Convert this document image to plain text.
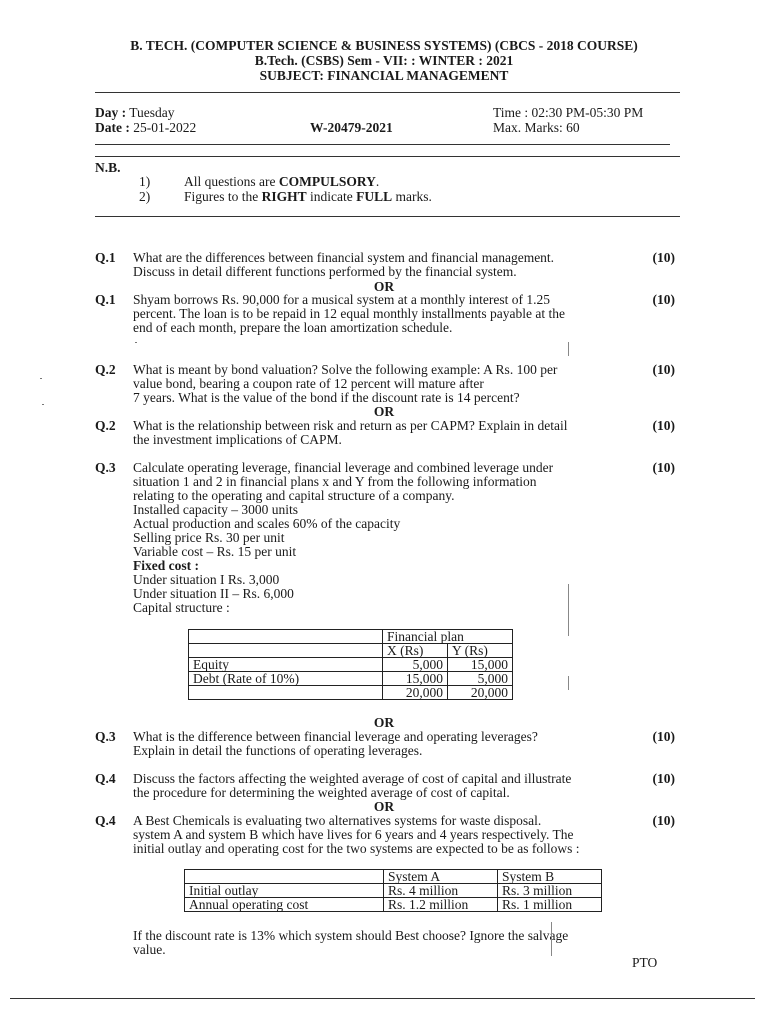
B. TECH. (COMPUTER SCIENCE & BUSINESS SYSTEMS) (CBCS - 2018 COURSE)
B.Tech. (CSBS) Sem - VII: : WINTER : 2021
SUBJECT: FINANCIAL MANAGEMENT
Day : Tuesday
Date : 25-01-2022	W-20479-2021
Time : 02:30 PM-05:30 PM
Max. Marks: 60
N.B.
1)	All questions are COMPULSORY.
2)	Figures to the RIGHT indicate FULL marks.
Q.1 What are the differences between financial system and financial management.
Discuss in detail different functions performed by the financial system.
(10)
OR
Q.1 Shyam borrows Rs. 90,000 for a musical system at a monthly interest of 1.25
percent. The loan is to be repaid in 12 equal monthly installments payable at the
end of each month, prepare the loan amortization schedule.
(10)
Q.2 What is meant by bond valuation? Solve the following example: A Rs. 100 per
value bond, bearing a coupon rate of 12 percent will mature after
7 years. What is the value of the bond if the discount rate is 14 percent?
(10)
OR
Q.2 What is the relationship between risk and return as per CAPM? Explain in detail
the investment implications of CAPM.
(10)
Q.3 Calculate operating leverage, financial leverage and combined leverage under
situation 1 and 2 in financial plans x and Y from the following information
relating to the operating and capital structure of a company.
(10)
Installed capacity – 3000 units
Actual production and scales 60% of the capacity
Selling price Rs. 30 per unit
Variable cost – Rs. 15 per unit
Fixed cost :
Under situation I Rs. 3,000
Under situation II – Rs. 6,000
Capital structure :
	Financial plan	
	X (Rs)	Y (Rs)
Equity	5,000	15,000
Debt (Rate of 10%)	15,000	5,000
	20,000	20,000
OR
Q.3 What is the difference between financial leverage and operating leverages?
Explain in detail the functions of operating leverages.
(10)
Q.4 Discuss the factors affecting the weighted average of cost of capital and illustrate
the procedure for determining the weighted average of cost of capital.
(10)
OR
Q.4 A Best Chemicals is evaluating two alternatives systems for waste disposal.
system A and system B which have lives for 6 years and 4 years respectively. The
initial outlay and operating cost for the two systems are expected to be as follows :
(10)
	System A	System B
Initial outlay	Rs. 4 million	Rs. 3 million
Annual operating cost	Rs. 1.2 million	Rs. 1 million
If the discount rate is 13% which system should Best choose? Ignore the salvage
value.
PTO
